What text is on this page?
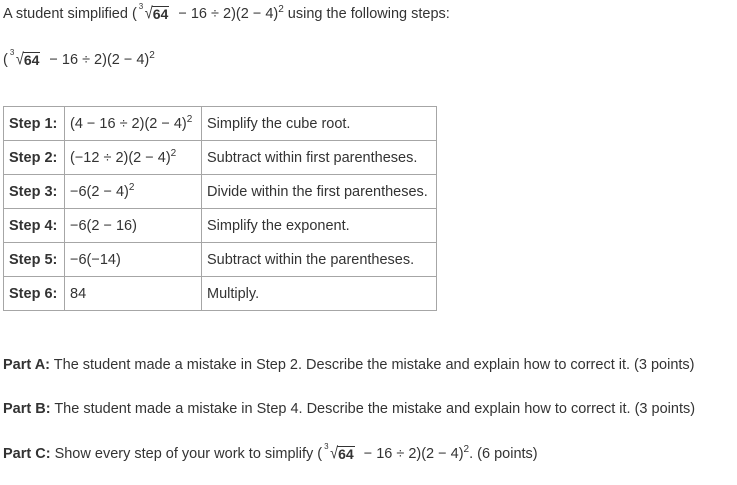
A student simplified ( 3 $√64 - 16 \div 2)(2 - 4)^2$ using the following steps:
( 3 $√64 - 16 \div 2)(2 - 4)^2$
Step 1:	$(4 - 16 \div 2)(2 - 4)^2$	Simplify the cube root.
Step 2:	$(-12 \div 2)(2 - 4)^2$	Subtract within first parentheses.
Step 3:	$-6(2 - 4)^2$	Divide within the first parentheses.
Step 4:	−6(2 − 16)	Simplify the exponent.
Step 5:	−6(−14)	Subtract within the parentheses.
Step 6:	84	Multiply.
Part A: The student made a mistake in Step 2. Describe the mistake and explain how to correct it. (3 points)
Part B: The student made a mistake in Step 4. Describe the mistake and explain how to correct it. (3 points)
Part C: Show every step of your work to simplify ( 3 $√64 - 16 \div 2)(2 - 4)^2$. (6 points)
